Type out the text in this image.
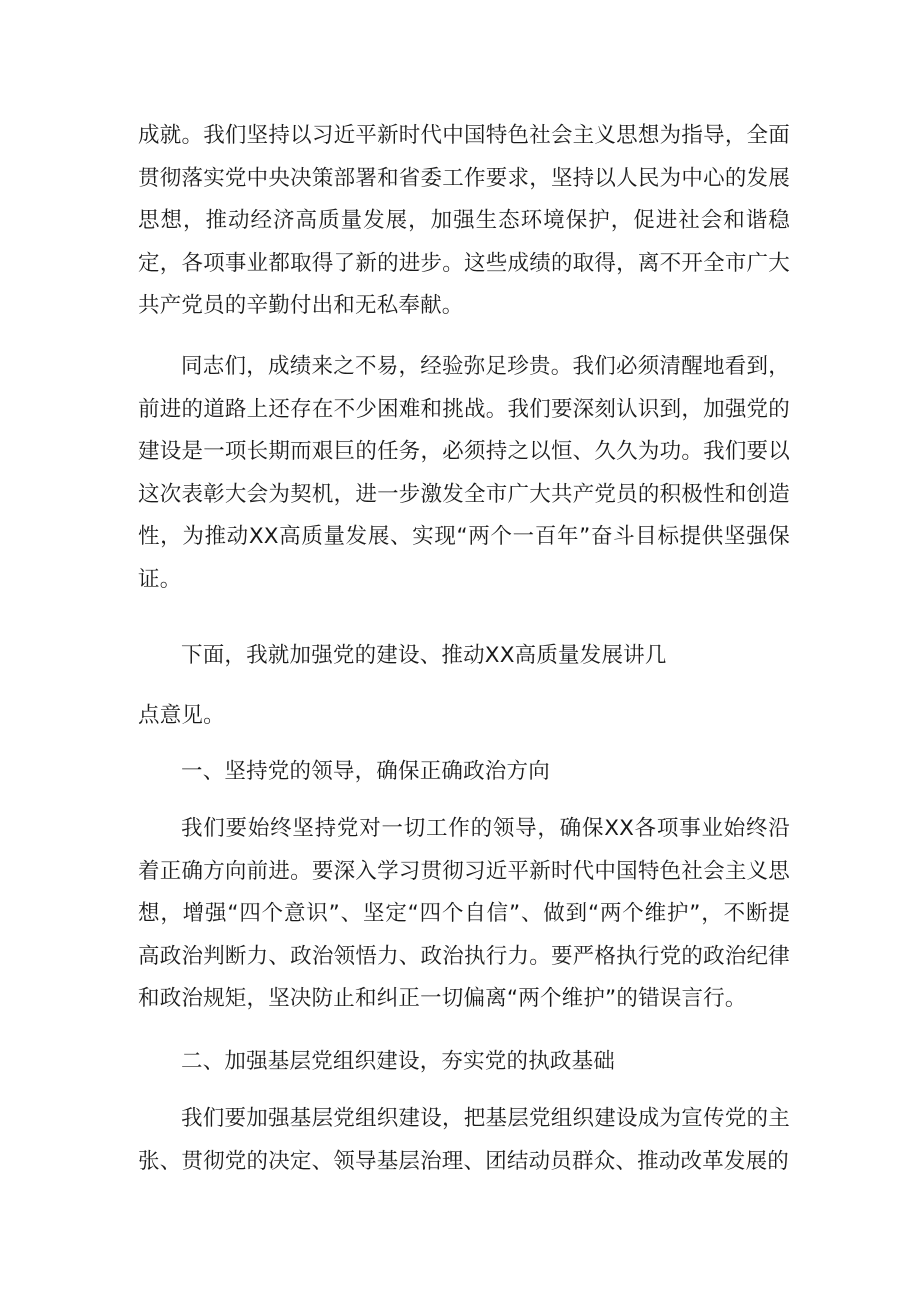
成就。我们坚持以习近平新时代中国特色社会主义思想为指导，全面贯彻落实党中央决策部署和省委工作要求，坚持以人民为中心的发展思想，推动经济高质量发展，加强生态环境保护，促进社会和谐稳定，各项事业都取得了新的进步。这些成绩的取得，离不开全市广大共产党员的辛勤付出和无私奉献。

同志们，成绩来之不易，经验弥足珍贵。我们必须清醒地看到，前进的道路上还存在不少困难和挑战。我们要深刻认识到，加强党的建设是一项长期而艰巨的任务，必须持之以恒、久久为功。我们要以这次表彰大会为契机，进一步激发全市广大共产党员的积极性和创造性，为推动XX高质量发展、实现“两个一百年”奋斗目标提供坚强保证。

下面，我就加强党的建设、推动XX高质量发展讲几

点意见。

一、坚持党的领导，确保正确政治方向

我们要始终坚持党对一切工作的领导，确保XX各项事业始终沿着正确方向前进。要深入学习贯彻习近平新时代中国特色社会主义思想，增强“四个意识”、坚定“四个自信”、做到“两个维护”，不断提高政治判断力、政治领悟力、政治执行力。要严格执行党的政治纪律和政治规矩，坚决防止和纠正一切偏离“两个维护”的错误言行。

二、加强基层党组织建设，夯实党的执政基础

我们要加强基层党组织建设，把基层党组织建设成为宣传党的主张、贯彻党的决定、领导基层治理、团结动员群众、推动改革发展的
